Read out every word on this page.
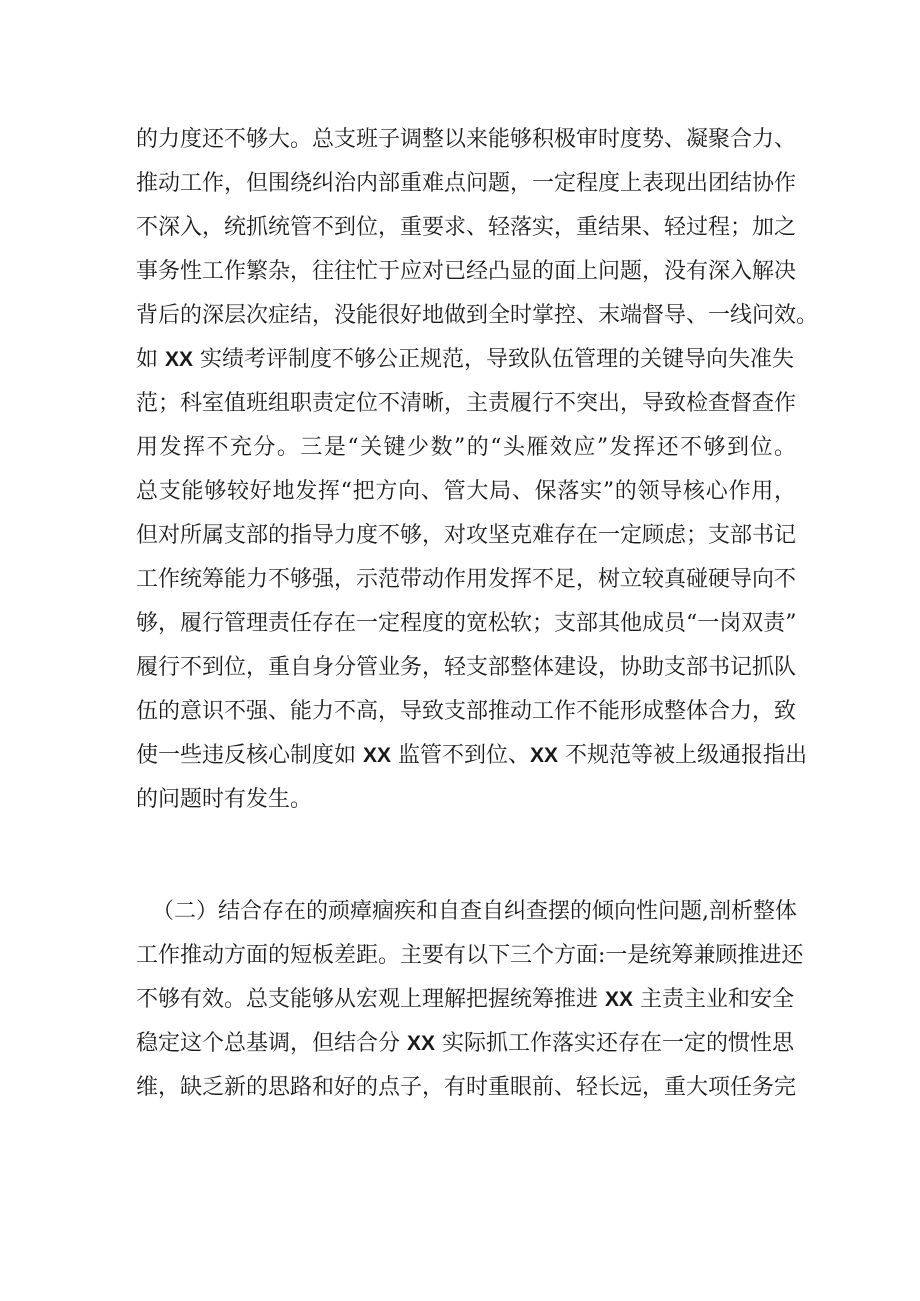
的力度还不够大。总支班子调整以来能够积极审时度势、凝聚合力、
推动工作，但围绕纠治内部重难点问题，一定程度上表现出团结协作
不深入，统抓统管不到位，重要求、轻落实，重结果、轻过程；加之
事务性工作繁杂，往往忙于应对已经凸显的面上问题，没有深入解决
背后的深层次症结，没能很好地做到全时掌控、末端督导、一线问效。
如 XX 实绩考评制度不够公正规范，导致队伍管理的关键导向失准失
范；科室值班组职责定位不清晰，主责履行不突出，导致检查督查作
用发挥不充分。三是“关键少数”的“头雁效应”发挥还不够到位。
总支能够较好地发挥“把方向、管大局、保落实”的领导核心作用，
但对所属支部的指导力度不够，对攻坚克难存在一定顾虑；支部书记
工作统筹能力不够强，示范带动作用发挥不足，树立较真碰硬导向不
够，履行管理责任存在一定程度的宽松软；支部其他成员“一岗双责”
履行不到位，重自身分管业务，轻支部整体建设，协助支部书记抓队
伍的意识不强、能力不高，导致支部推动工作不能形成整体合力，致
使一些违反核心制度如 XX 监管不到位、XX 不规范等被上级通报指出
的问题时有发生。
（二）结合存在的顽瘴痼疾和自查自纠查摆的倾向性问题,剖析整体
工作推动方面的短板差距。主要有以下三个方面:一是统筹兼顾推进还
不够有效。总支能够从宏观上理解把握统筹推进 XX 主责主业和安全
稳定这个总基调，但结合分 XX 实际抓工作落实还存在一定的惯性思
维，缺乏新的思路和好的点子，有时重眼前、轻长远，重大项任务完
